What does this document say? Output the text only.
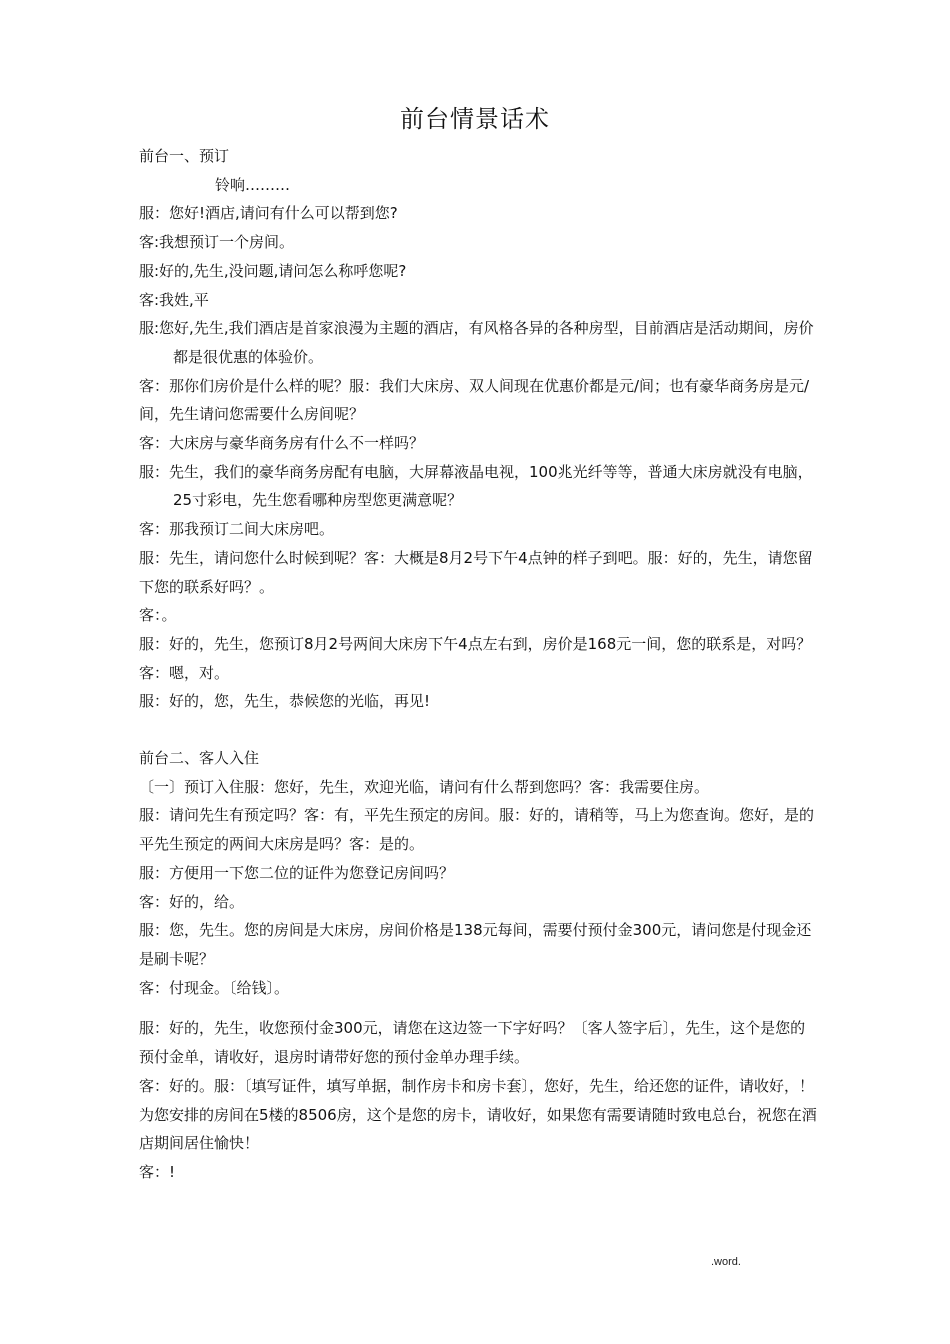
前台情景话术

前台一、预订

铃响………

服：您好!酒店,请问有什么可以帮到您?

客:我想预订一个房间。

服:好的,先生,没问题,请问怎么称呼您呢?

客:我姓,平

服:您好,先生,我们酒店是首家浪漫为主题的酒店，有风格各异的各种房型，目前酒店是活动期间，房价都是很优惠的体验价。

客：那你们房价是什么样的呢？服：我们大床房、双人间现在优惠价都是元/间；也有豪华商务房是元/间，先生请问您需要什么房间呢？

客：大床房与豪华商务房有什么不一样吗？

服：先生，我们的豪华商务房配有电脑，大屏幕液晶电视，100兆光纤等等，普通大床房就没有电脑，25寸彩电，先生您看哪种房型您更满意呢？

客：那我预订二间大床房吧。

服：先生，请问您什么时候到呢？客：大概是8月2号下午4点钟的样子到吧。服：好的，先生，请您留下您的联系好吗？。

客：。

服：好的，先生，您预订8月2号两间大床房下午4点左右到，房价是168元一间，您的联系是，对吗？

客：嗯，对。

服：好的，您，先生，恭候您的光临，再见!

前台二、客人入住

〔一〕预订入住服：您好，先生，欢迎光临，请问有什么帮到您吗？客：我需要住房。

服：请问先生有预定吗？客：有，平先生预定的房间。服：好的，请稍等，马上为您查询。您好，是的平先生预定的两间大床房是吗？客：是的。

服：方便用一下您二位的证件为您登记房间吗？

客：好的，给。

服：您，先生。您的房间是大床房，房间价格是138元每间，需要付预付金300元，请问您是付现金还是刷卡呢？

客：付现金。〔给钱〕。

服：好的，先生，收您预付金300元，请您在这边签一下字好吗？〔客人签字后〕，先生，这个是您的预付金单，请收好，退房时请带好您的预付金单办理手续。

客：好的。服：〔填写证件，填写单据，制作房卡和房卡套〕，您好，先生，给还您的证件，请收好，！为您安排的房间在5楼的8506房，这个是您的房卡，请收好，如果您有需要请随时致电总台，祝您在酒店期间居住愉快！

客：!

.word.
